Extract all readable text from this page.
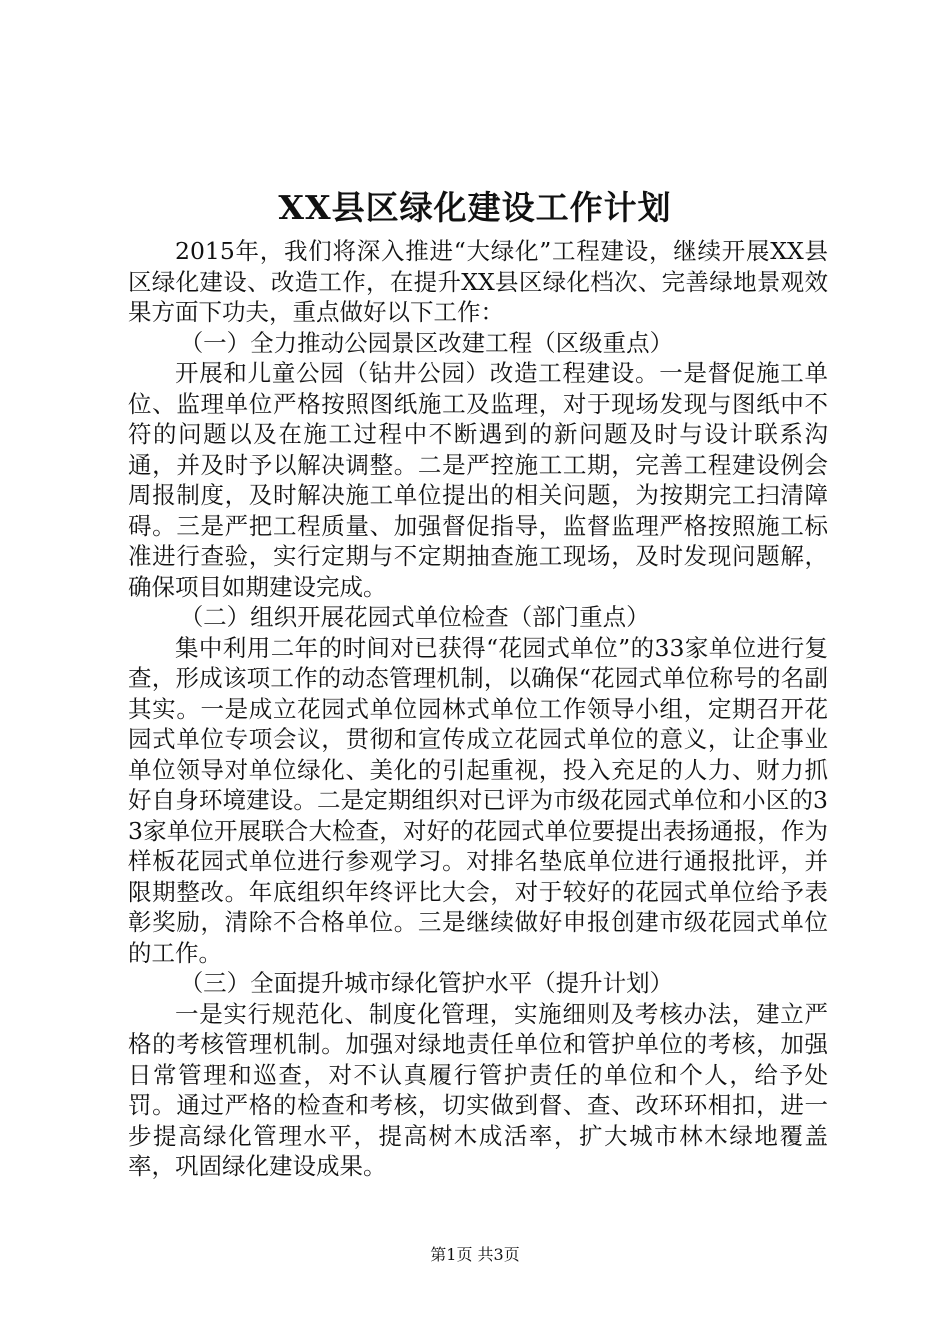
XX县区绿化建设工作计划

2015年，我们将深入推进“大绿化”工程建设，继续开展XX县区绿化建设、改造工作，在提升XX县区绿化档次、完善绿地景观效果方面下功夫，重点做好以下工作：

（一）全力推动公园景区改建工程（区级重点）

开展和儿童公园（钻井公园）改造工程建设。一是督促施工单位、监理单位严格按照图纸施工及监理，对于现场发现与图纸中不符的问题以及在施工过程中不断遇到的新问题及时与设计联系沟通，并及时予以解决调整。二是严控施工工期，完善工程建设例会周报制度，及时解决施工单位提出的相关问题，为按期完工扫清障碍。三是严把工程质量、加强督促指导，监督监理严格按照施工标准进行查验，实行定期与不定期抽查施工现场，及时发现问题解，确保项目如期建设完成。

（二）组织开展花园式单位检查（部门重点）

集中利用二年的时间对已获得“花园式单位”的33家单位进行复查，形成该项工作的动态管理机制，以确保“花园式单位称号的名副其实。一是成立花园式单位园林式单位工作领导小组，定期召开花园式单位专项会议，贯彻和宣传成立花园式单位的意义，让企事业单位领导对单位绿化、美化的引起重视，投入充足的人力、财力抓好自身环境建设。二是定期组织对已评为市级花园式单位和小区的33家单位开展联合大检查，对好的花园式单位要提出表扬通报，作为样板花园式单位进行参观学习。对排名垫底单位进行通报批评，并限期整改。年底组织年终评比大会，对于较好的花园式单位给予表彰奖励，清除不合格单位。三是继续做好申报创建市级花园式单位的工作。

（三）全面提升城市绿化管护水平（提升计划）

一是实行规范化、制度化管理，实施细则及考核办法，建立严格的考核管理机制。加强对绿地责任单位和管护单位的考核，加强日常管理和巡查，对不认真履行管护责任的单位和个人，给予处罚。通过严格的检查和考核，切实做到督、查、改环环相扣，进一步提高绿化管理水平，提高树木成活率，扩大城市林木绿地覆盖率，巩固绿化建设成果。

第1页 共3页
